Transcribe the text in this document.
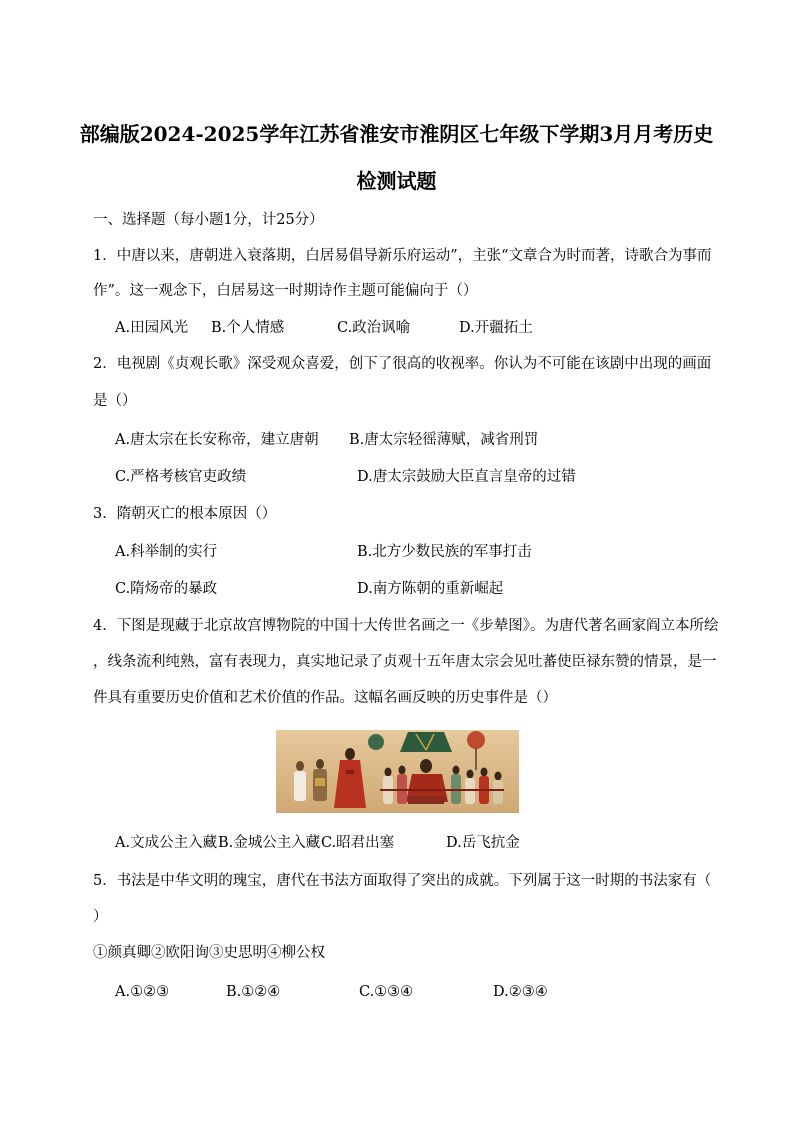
部编版2024-2025学年江苏省淮安市淮阴区七年级下学期3月月考历史
检测试题
一、选择题（每小题1分，计25分）
1．中唐以来，唐朝进入衰落期，白居易倡导新乐府运动”，主张“文章合为时而著，诗歌合为事而
作”。这一观念下，白居易这一时期诗作主题可能偏向于（）
A.田园风光 B.个人情感	C.政治讽喻	D.开疆拓土
2．电视剧《贞观长歌》深受观众喜爱，创下了很高的收视率。你认为不可能在该剧中出现的画面
是（）
A.唐太宗在长安称帝，建立唐朝 B.唐太宗轻徭薄赋，减省刑罚
C.严格考核官吏政绩	D.唐太宗鼓励大臣直言皇帝的过错
3．隋朝灭亡的根本原因（）
A.科举制的实行	B.北方少数民族的军事打击
C.隋炀帝的暴政	D.南方陈朝的重新崛起
4．下图是现藏于北京故宫博物院的中国十大传世名画之一《步辇图》。为唐代著名画家阎立本所绘
，线条流利纯熟，富有表现力，真实地记录了贞观十五年唐太宗会见吐蕃使臣禄东赞的情景，是一
件具有重要历史价值和艺术价值的作品。这幅名画反映的历史事件是（）
A.文成公主入藏 B.金城公主入藏 C.昭君出塞	D.岳飞抗金
5．书法是中华文明的瑰宝，唐代在书法方面取得了突出的成就。下列属于这一时期的书法家有（
）
①颜真卿②欧阳询③史思明④柳公权
A.①②③	B.①②④	C.①③④	D.②③④
